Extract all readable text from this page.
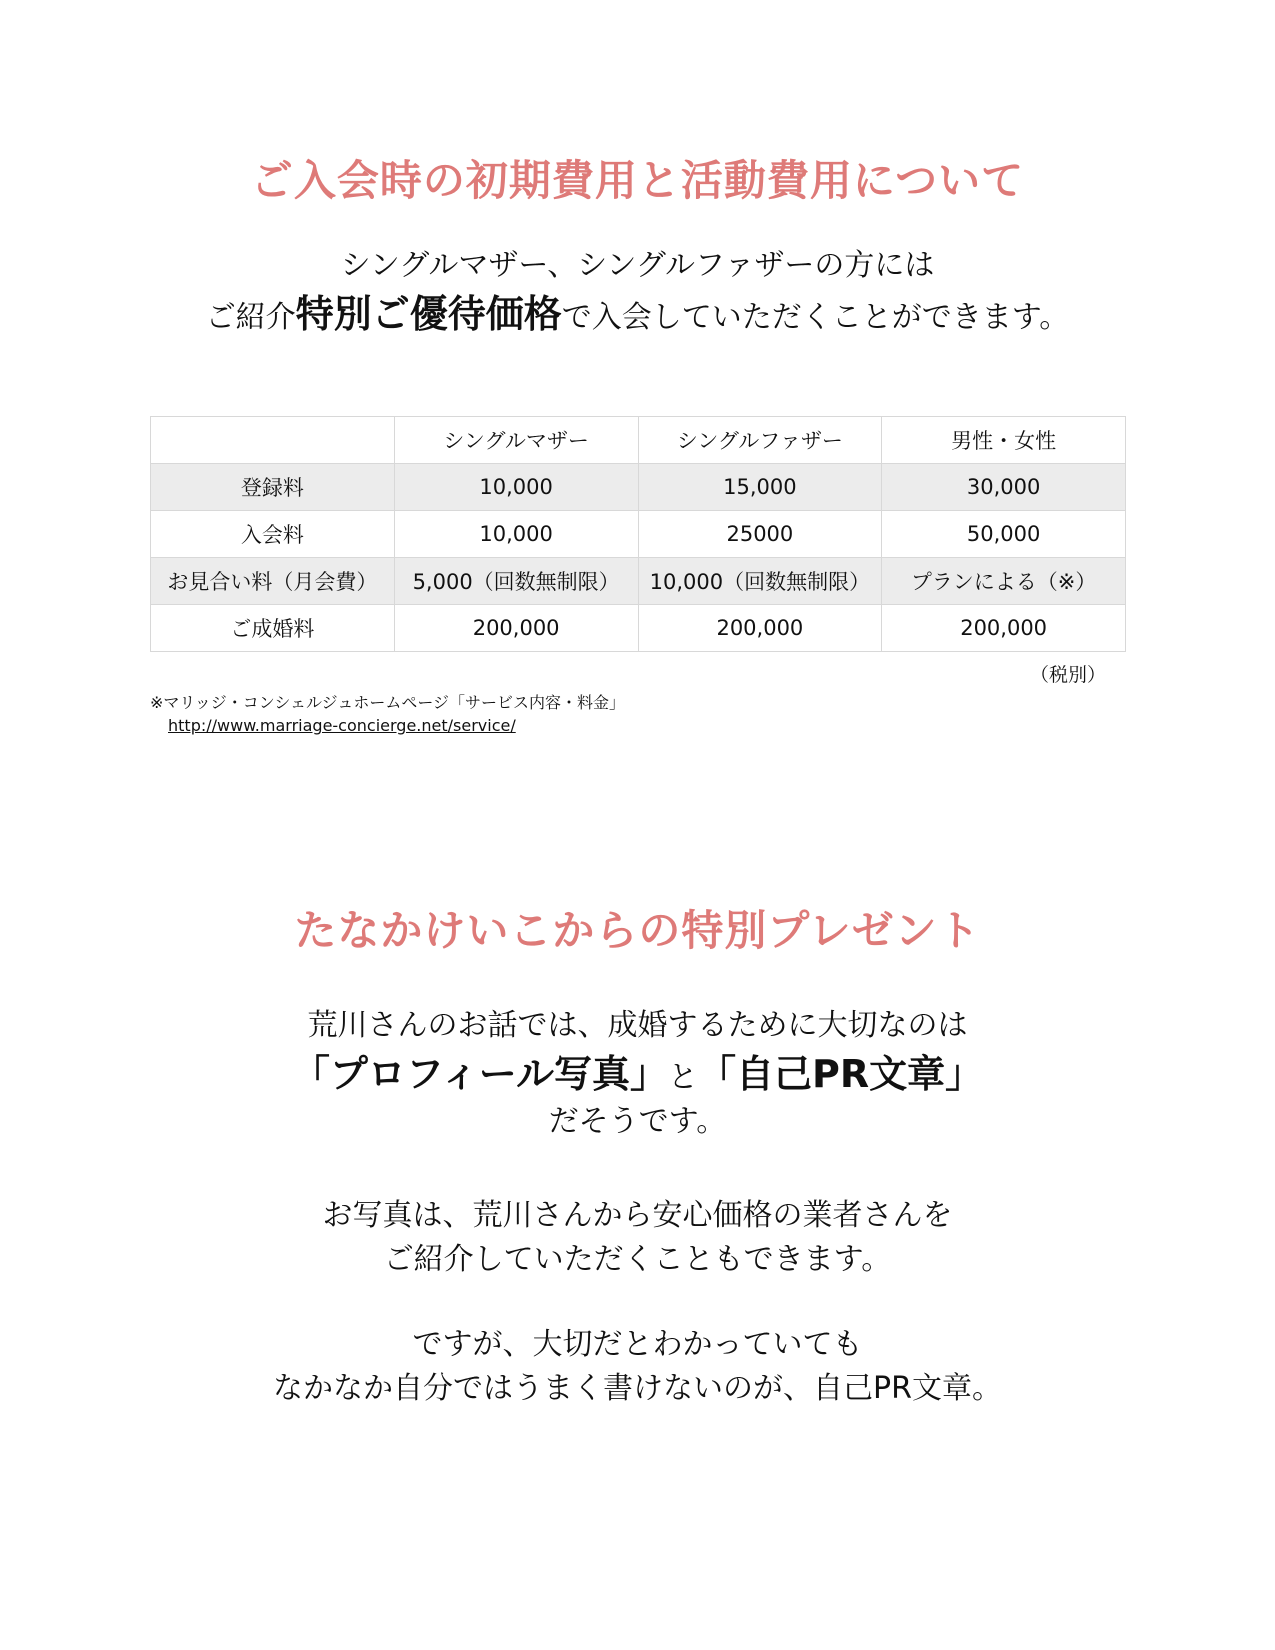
ご入会時の初期費用と活動費用について
シングルマザー、シングルファザーの方には
ご紹介特別ご優待価格で入会していただくことができます。
	シングルマザー	シングルファザー	男性・女性
登録料	10,000	15,000	30,000
入会料	10,000	25000	50,000
お見合い料（月会費）	5,000（回数無制限）	10,000（回数無制限）	プランによる（※）
ご成婚料	200,000	200,000	200,000
（税別）
※マリッジ・コンシェルジュホームページ「サービス内容・料金」
http://www.marriage-concierge.net/service/
たなかけいこからの特別プレゼント
荒川さんのお話では、成婚するために大切なのは
「プロフィール写真」と「自己PR文章」
だそうです。
お写真は、荒川さんから安心価格の業者さんを
ご紹介していただくこともできます。
ですが、大切だとわかっていても
なかなか自分ではうまく書けないのが、自己PR文章。
